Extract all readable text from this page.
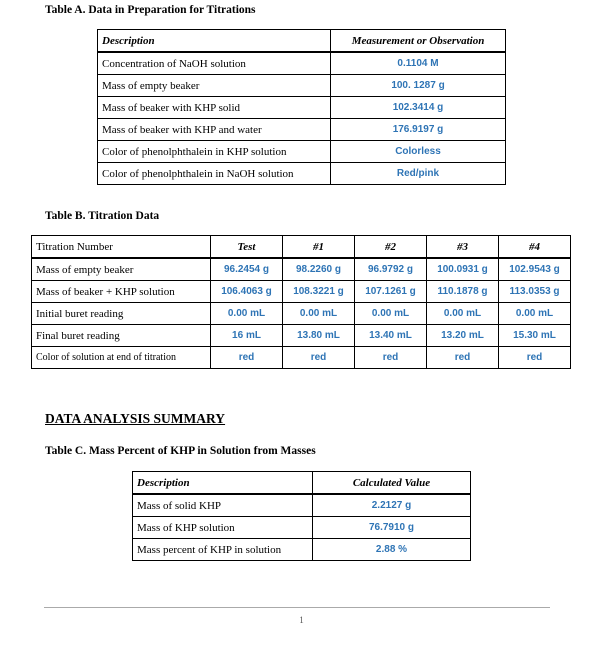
Table A. Data in Preparation for Titrations
Description	Measurement or Observation
Concentration of NaOH solution	0.1104 M
Mass of empty beaker	100. 1287 g
Mass of beaker with KHP solid	102.3414 g
Mass of beaker with KHP and water	176.9197 g
Color of phenolphthalein in KHP solution	Colorless
Color of phenolphthalein in NaOH solution	Red/pink
Table B. Titration Data
Titration Number	Test	#1	#2	#3	#4
Mass of empty beaker	96.2454 g	98.2260 g	96.9792 g	100.0931 g	102.9543 g
Mass of beaker + KHP solution	106.4063 g	108.3221 g	107.1261 g	110.1878 g	113.0353 g
Initial buret reading	0.00 mL	0.00 mL	0.00 mL	0.00 mL	0.00 mL
Final buret reading	16 mL	13.80 mL	13.40 mL	13.20 mL	15.30 mL
Color of solution at end of titration	red	red	red	red	red
DATA ANALYSIS SUMMARY
Table C. Mass Percent of KHP in Solution from Masses
Description	Calculated Value
Mass of solid KHP	2.2127 g
Mass of KHP solution	76.7910 g
Mass percent of KHP in solution	2.88 %
1
